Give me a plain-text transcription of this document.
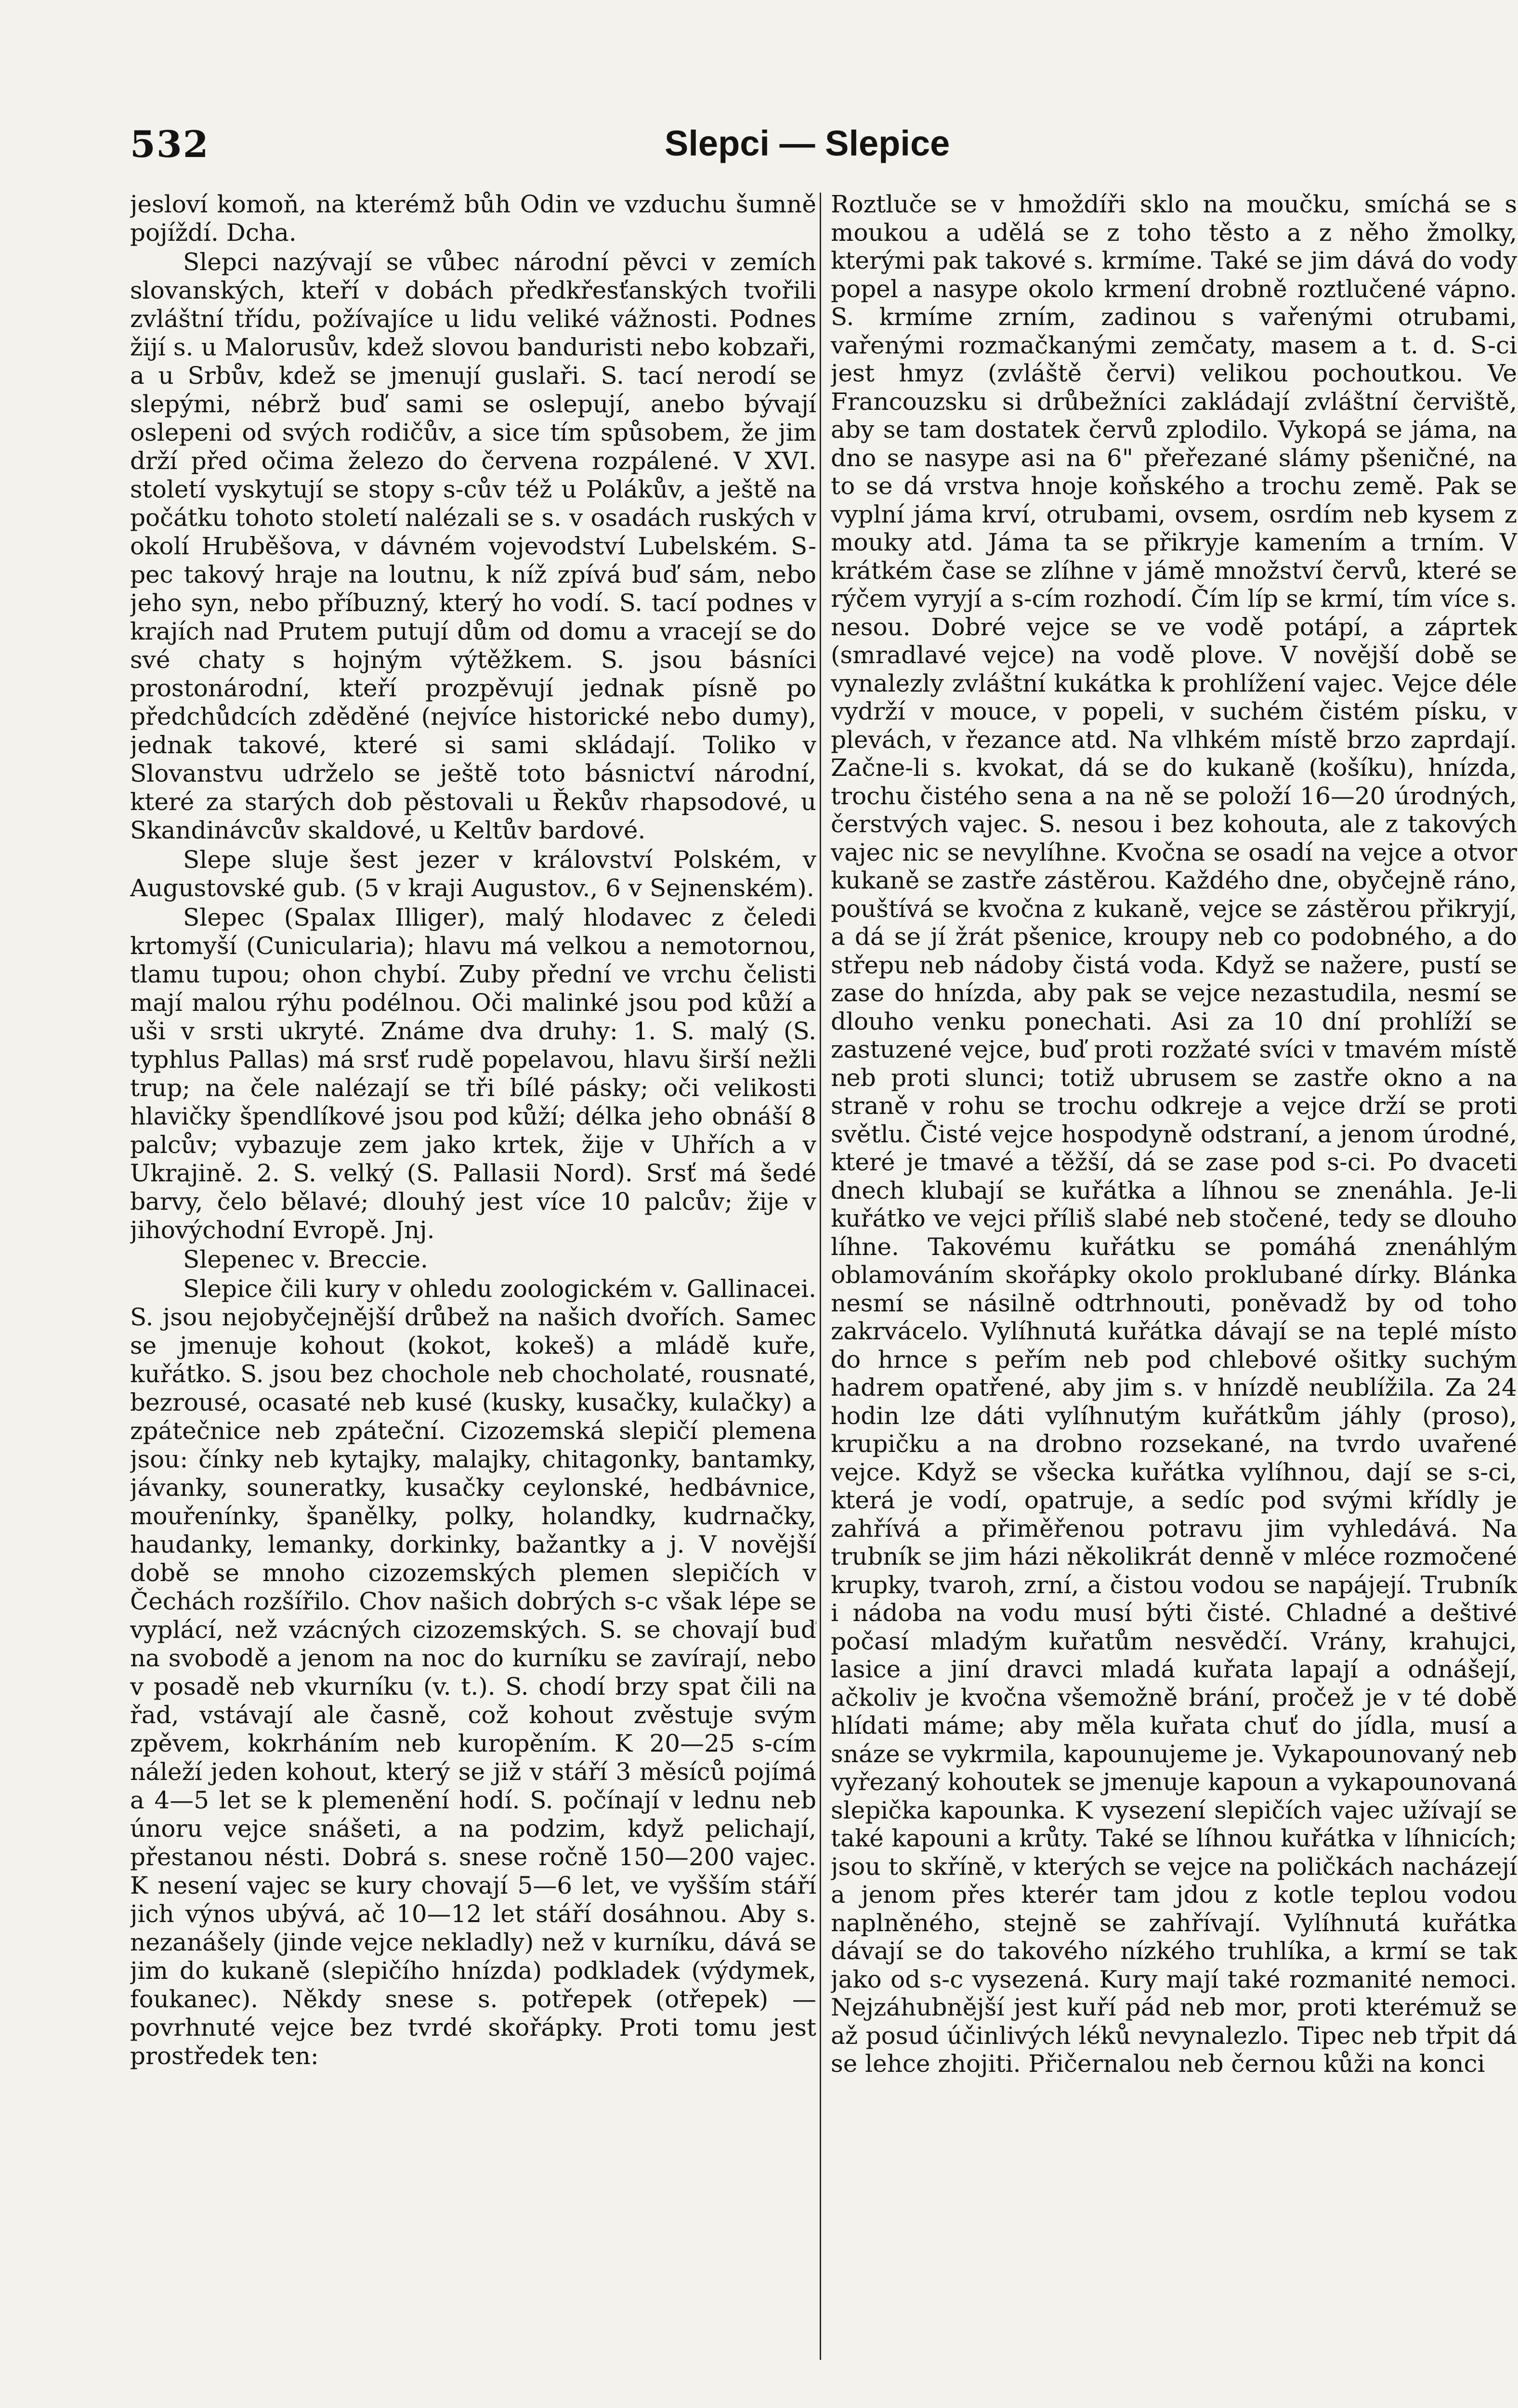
532	Slepci — Slepice

jesloví komoň, na kterémž bůh Odin ve vzduchu šumně pojíždí. Dcha.

Slepci nazývají se vůbec národní pěvci v zemích slovanských, kteří v dobách předkřesťanských tvořili zvláštní třídu, požívajíce u lidu veliké vážnosti. Podnes žijí s. u Malorusův, kdež slovou banduristi nebo kobzaři, a u Srbův, kdež se jmenují guslaři. S. tací nerodí se slepými, nébrž buď sami se oslepují, anebo bývají oslepeni od svých rodičův, a sice tím spůsobem, že jim drží před očima železo do červena rozpálené. V XVI. století vyskytují se stopy s-cův též u Polákův, a ještě na počátku tohoto století nalézali se s. v osadách ruských v okolí Hruběšova, v dávném vojevodství Lubelském. S-pec takový hraje na loutnu, k níž zpívá buď sám, nebo jeho syn, nebo příbuzný, který ho vodí. S. tací podnes v krajích nad Prutem putují dům od domu a vracejí se do své chaty s hojným výtěžkem. S. jsou básníci prostonárodní, kteří prozpěvují jednak písně po předchůdcích zděděné (nejvíce historické nebo dumy), jednak takové, které si sami skládají. Toliko v Slovanstvu udrželo se ještě toto básnictví národní, které za starých dob pěstovali u Řekův rhapsodové, u Skandinávcův skaldové, u Keltův bardové.

Slepe sluje šest jezer v království Polském, v Augustovské gub. (5 v kraji Augustov., 6 v Sejnenském).

Slepec (Spalax Illiger), malý hlodavec z čeledi krtomyší (Cunicularia); hlavu má velkou a nemotornou, tlamu tupou; ohon chybí. Zuby přední ve vrchu čelisti mají malou rýhu podélnou. Oči malinké jsou pod kůží a uši v srsti ukryté. Známe dva druhy: 1. S. malý (S. typhlus Pallas) má srsť rudě popelavou, hlavu širší nežli trup; na čele nalézají se tři bílé pásky; oči velikosti hlavičky špendlíkové jsou pod kůží; délka jeho obnáší 8 palcův; vybazuje zem jako krtek, žije v Uhřích a v Ukrajině. 2. S. velký (S. Pallasii Nord). Srsť má šedé barvy, čelo bělavé; dlouhý jest více 10 palcův; žije v jihovýchodní Evropě. Jnj.

Slepenec v. Breccie.

Slepice čili kury v ohledu zoologickém v. Gallinacei. S. jsou nejobyčejnější drůbež na našich dvořích. Samec se jmenuje kohout (kokot, kokeš) a mládě kuře, kuřátko. S. jsou bez chocholе neb chocholaté, rousnaté, bezrousé, ocasaté neb kusé (kusky, kusačky, kulačky) a zpátečnice neb zpáteční. Cizozemská slepičí plemena jsou: čínky neb kytajky, malajky, chitagonky, bantamky, jávanky, souneratky, kusačky ceylonské, hedbávnice, mouřenínky, španělky, polky, holandky, kudrnačky, haudanky, lemanky, dorkinky, bažantky a j. V novější době se mnoho cizozemských plemen slepičích v Čechách rozšířilo. Chov našich dobrých s-c však lépe se vyplácí, než vzácných cizozemských. S. se chovají buď na svobodě a jenom na noc do kurníku se zavírají, nebo v posadě neb vkurníku (v. t.). S. chodí brzy spat čili na řad, vstávají ale časně, což kohout zvěstuje svým zpěvem, kokrháním neb kuropěním. K 20—25 s-cím náleží jeden kohout, který se již v stáří 3 měsíců pojímá a 4—5 let se k plemenění hodí. S. počínají v lednu neb únoru vejce snášeti, a na podzim, když pelichají, přestanou nésti. Dobrá s. snese ročně 150—200 vajec. K nesení vajec se kury chovají 5—6 let, ve vyšším stáří jich výnos ubývá, ač 10—12 let stáří dosáhnou. Aby s. nezanášely (jinde vejce nekladly) než v kurníku, dává se jim do kukaně (slepičího hnízda) podkladek (výdymek, foukanec). Někdy snese s. potřepek (otřepek) — povrhnuté vejce bez tvrdé skořápky. Proti tomu jest prostředek ten:

Roztluče se v hmoždíři sklo na moučku, smíchá se s moukou a udělá se z toho těsto a z něho žmolky, kterými pak takové s. krmíme. Také se jim dává do vody popel a nasype okolo krmení drobně roztlučené vápno. S. krmíme zrním, zadinou s vařenými otrubami, vařenými rozmačkanými zemčaty, masem a t. d. S-ci jest hmyz (zvláště červi) velikou pochoutkou. Ve Francouzsku si drůbežníci zakládají zvláštní červiště, aby se tam dostatek červů zplodilo. Vykopá se jáma, na dno se nasype asi na 6" přeřezané slámy pšeničné, na to se dá vrstva hnoje koňského a trochu země. Pak se vyplní jáma krví, otrubami, ovsem, osrdím neb kysem z mouky atd. Jáma ta se přikryje kamením a trním. V krátkém čase se zlíhne v jámě množství červů, které se rýčem vyryjí a s-cím rozhodí. Čím líp se krmí, tím více s. nesou. Dobré vejce se ve vodě potápí, a záprtek (smradlavé vejce) na vodě plove. V novější době se vynalezly zvláštní kukátka k prohlížení vajec. Vejce déle vydrží v mouce, v popeli, v suchém čistém písku, v plevách, v řezance atd. Na vlhkém místě brzo zaprdají. Začne-li s. kvokat, dá se do kukaně (košíku), hnízda, trochu čistého sena a na ně se položí 16—20 úrodných, čerstvých vajec. S. nesou i bez kohouta, ale z takových vajec nic se nevylíhne. Kvočna se osadí na vejce a otvor kukaně se zastře zástěrou. Každého dne, obyčejně ráno, pouštívá se kvočna z kukaně, vejce se zástěrou přikryjí, a dá se jí žrát pšenice, kroupy neb co podobného, a do střepu neb nádoby čistá voda. Když se nažere, pustí se zase do hnízda, aby pak se vejce nezastudila, nesmí se dlouho venku ponechati. Asi za 10 dní prohlíží se zastuzené vejce, buď proti rozžaté svíci v tmavém místě neb proti slunci; totiž ubrusem se zastře okno a na straně v rohu se trochu odkreje a vejce drží se proti světlu. Čisté vejce hospodyně odstraní, a jenom úrodné, které je tmavé a těžší, dá se zase pod s-ci. Po dvaceti dnech klubají se kuřátka a líhnou se znenáhla. Je-li kuřátko ve vejci příliš slabé neb stočené, tedy se dlouho líhne. Takovému kuřátku se pomáhá znenáhlým oblamováním skořápky okolo proklubané dírky. Blánka nesmí se násilně odtrhnouti, poněvadž by od toho zakrvácelo. Vylíhnutá kuřátka dávají se na teplé místo do hrnce s peřím neb pod chlebové ošitky suchým hadrem opatřené, aby jim s. v hnízdě neublížila. Za 24 hodin lze dáti vylíhnutým kuřátkům jáhly (proso), krupičku a na drobno rozsekané, na tvrdo uvařené vejce. Když se všecka kuřátka vylíhnou, dají se s-ci, která je vodí, opatruje, a sedíc pod svými křídly je zahřívá a přiměřenou potravu jim vyhledává. Na trubník se jim házi několikrát denně v mléce rozmočené krupky, tvaroh, zrní, a čistou vodou se napájejí. Trubník i nádoba na vodu musí býti čisté. Chladné a deštivé počasí mladým kuřatům nesvědčí. Vrány, krahujci, lasice a jiní dravci mladá kuřata lapají a odnášejí, ačkoliv je kvočna všemožně brání, pročež je v té době hlídati máme; aby měla kuřata chuť do jídla, musí a snáze se vykrmila, kapounujeme je. Vykapounovaný neb vyřezaný kohoutek se jmenuje kapoun a vykapounovaná slepička kapounka. K vysezení slepičích vajec užívají se také kapouni a krůty. Také se líhnou kuřátka v líhnicích; jsou to skříně, v kterých se vejce na poličkách nacházejí a jenom přes kterér tam jdou z kotle teplou vodou naplněného, stejně se zahřívají. Vylíhnutá kuřátka dávají se do takového nízkého truhlíka, a krmí se tak jako od s-c vysezená. Kury mají také rozmanité nemoci. Nejzáhubnější jest kuří pád neb mor, proti kterémuž se až posud účinlivých léků nevynalezlo. Tipec neb třpit dá se lehce zhojiti. Přičernalou neb černou kůži na konci
